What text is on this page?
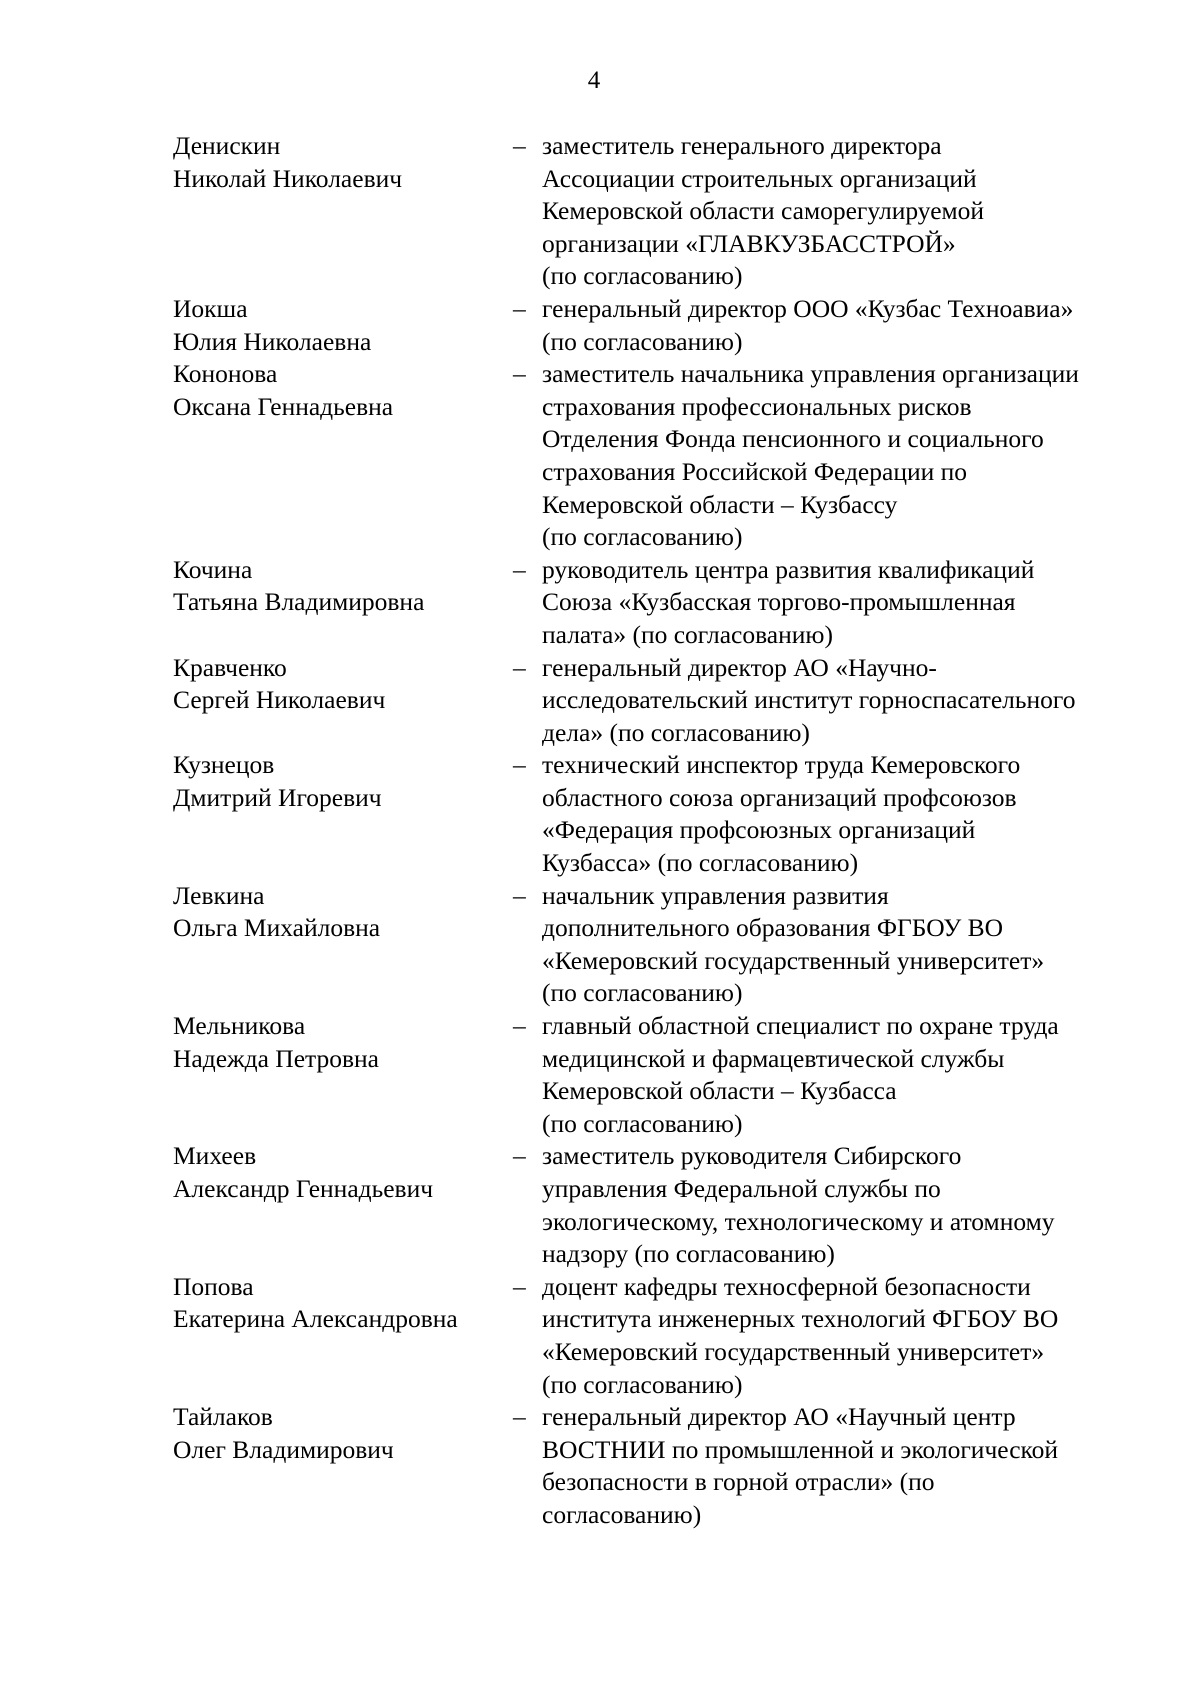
4
Денискин
Николай Николаевич
– заместитель генерального директора
Ассоциации строительных организаций
Кемеровской области саморегулируемой
организации «ГЛАВКУЗБАССТРОЙ»
(по согласованию)
Иокша
Юлия Николаевна
– генеральный директор ООО «Кузбас Техноавиа»
(по согласованию)
Кононова
Оксана Геннадьевна
– заместитель начальника управления организации
страхования профессиональных рисков
Отделения Фонда пенсионного и социального
страхования Российской Федерации по
Кемеровской области – Кузбассу
(по согласованию)
Кочина
Татьяна Владимировна
– руководитель центра развития квалификаций
Союза «Кузбасская торгово-промышленная
палата» (по согласованию)
Кравченко
Сергей Николаевич
– генеральный директор АО «Научно-
исследовательский институт горноспасательного
дела» (по согласованию)
Кузнецов
Дмитрий Игоревич
– технический инспектор труда Кемеровского
областного союза организаций профсоюзов
«Федерация профсоюзных организаций
Кузбасса» (по согласованию)
Левкина
Ольга Михайловна
– начальник управления развития
дополнительного образования ФГБОУ ВО
«Кемеровский государственный университет»
(по согласованию)
Мельникова
Надежда Петровна
– главный областной специалист по охране труда
медицинской и фармацевтической службы
Кемеровской области – Кузбасса
(по согласованию)
Михеев
Александр Геннадьевич
– заместитель руководителя Сибирского
управления Федеральной службы по
экологическому, технологическому и атомному
надзору (по согласованию)
Попова
Екатерина Александровна
– доцент кафедры техносферной безопасности
института инженерных технологий ФГБОУ ВО
«Кемеровский государственный университет»
(по согласованию)
Тайлаков
Олег Владимирович
– генеральный директор АО «Научный центр
ВОСТНИИ по промышленной и экологической
безопасности в горной отрасли» (по
согласованию)
